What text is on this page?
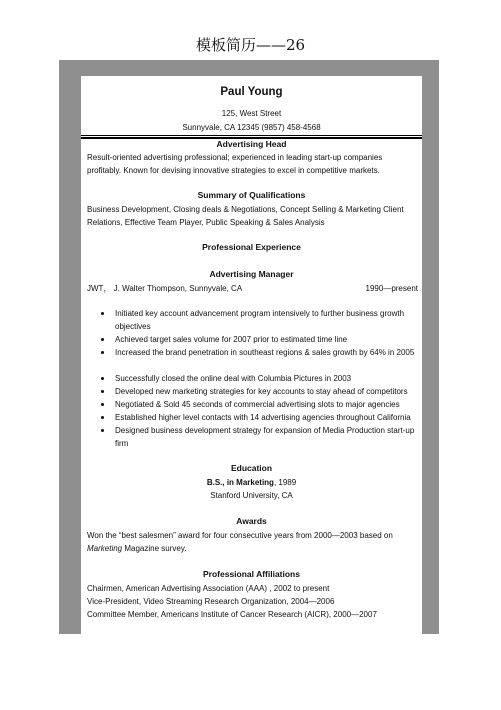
模板简历——26

Paul Young
125, West Street
Sunnyvale, CA 12345 (9857) 458-4568
Advertising Head
Result-oriented advertising professional; experienced in leading start-up companies profitably. Known for devising innovative strategies to excel in competitive markets.
Summary of Qualifications
Business Development, Closing deals & Negotiations, Concept Selling & Marketing Client Relations, Effective Team Player, Public Speaking & Sales Analysis
Professional Experience
Advertising Manager
JWT， J. Walter Thompson, Sunnyvale, CA	1990—present
Initiated key account advancement program intensively to further business growth objectives
Achieved target sales volume for 2007 prior to estimated time line
Increased the brand penetration in southeast regions & sales growth by 64% in 2005
Successfully closed the online deal with Columbia Pictures in 2003
Developed new marketing strategies for key accounts to stay ahead of competitors
Negotiated & Sold 45 seconds of commercial advertising slots to major agencies
Established higher level contacts with 14 advertising agencies throughout California
Designed business development strategy for expansion of Media Production start-up firm
Education
B.S., in Marketing, 1989
Stanford University, CA
Awards
Won the “best salesmen” award for four consecutive years from 2000—2003 based on Marketing Magazine survey.
Professional Affiliations
Chairmen, American Advertising Association (AAA) , 2002 to present
Vice-President, Video Streaming Research Organization, 2004—2006
Committee Member, Americans Institute of Cancer Research (AICR), 2000—2007
